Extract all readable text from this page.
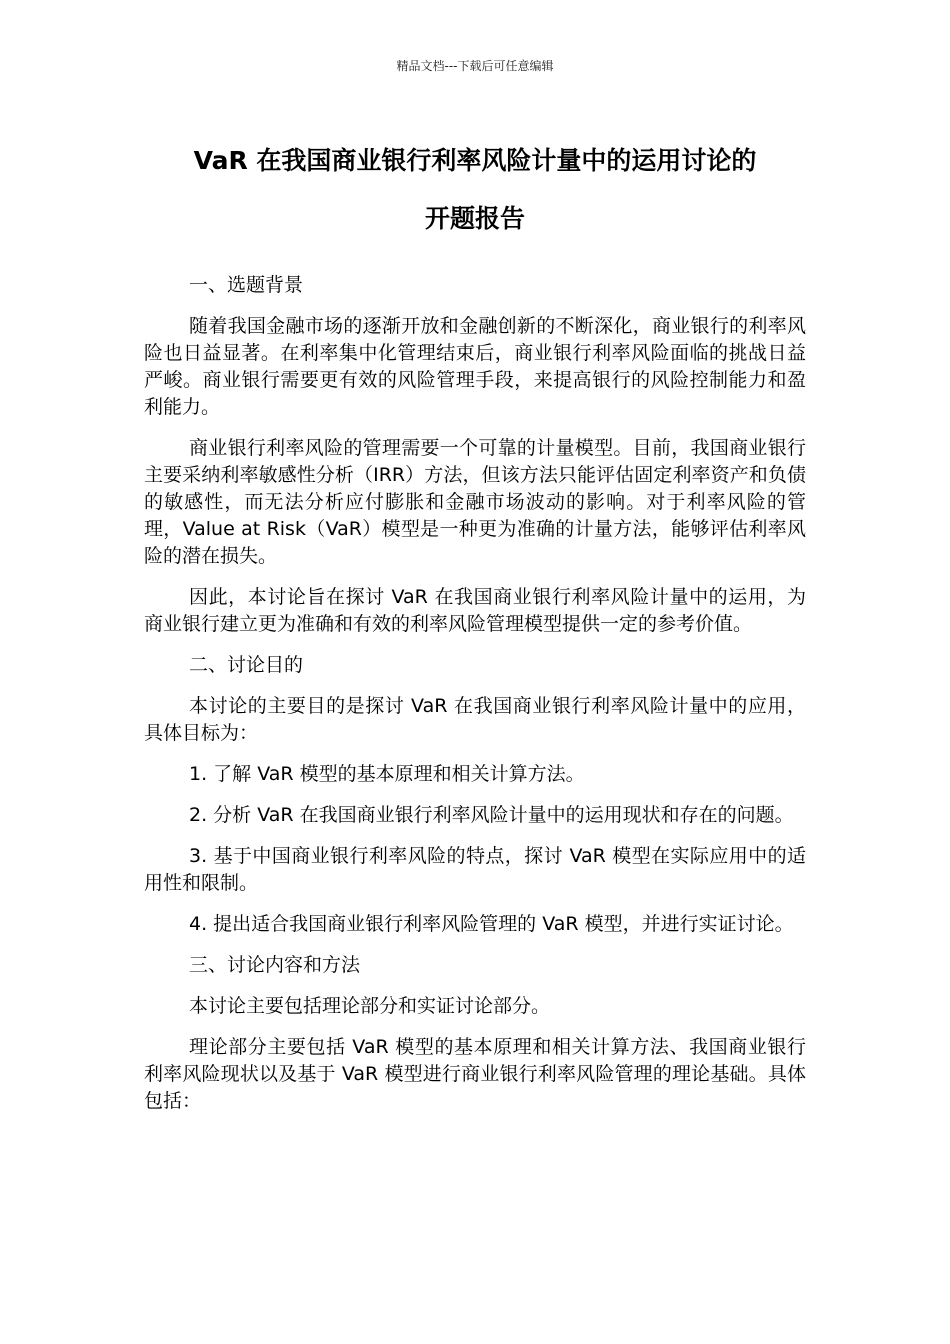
精品文档---下载后可任意编辑
VaR 在我国商业银行利率风险计量中的运用讨论的
开题报告

一、选题背景

随着我国金融市场的逐渐开放和金融创新的不断深化，商业银行的利率风险也日益显著。在利率集中化管理结束后，商业银行利率风险面临的挑战日益严峻。商业银行需要更有效的风险管理手段，来提高银行的风险控制能力和盈利能力。

商业银行利率风险的管理需要一个可靠的计量模型。目前，我国商业银行主要采纳利率敏感性分析（IRR）方法，但该方法只能评估固定利率资产和负债的敏感性，而无法分析应付膨胀和金融市场波动的影响。对于利率风险的管理，Value at Risk（VaR）模型是一种更为准确的计量方法，能够评估利率风险的潜在损失。

因此，本讨论旨在探讨 VaR 在我国商业银行利率风险计量中的运用，为商业银行建立更为准确和有效的利率风险管理模型提供一定的参考价值。

二、讨论目的

本讨论的主要目的是探讨 VaR 在我国商业银行利率风险计量中的应用，具体目标为：

1. 了解 VaR 模型的基本原理和相关计算方法。

2. 分析 VaR 在我国商业银行利率风险计量中的运用现状和存在的问题。

3. 基于中国商业银行利率风险的特点，探讨 VaR 模型在实际应用中的适用性和限制。

4. 提出适合我国商业银行利率风险管理的 VaR 模型，并进行实证讨论。

三、讨论内容和方法

本讨论主要包括理论部分和实证讨论部分。

理论部分主要包括 VaR 模型的基本原理和相关计算方法、我国商业银行利率风险现状以及基于 VaR 模型进行商业银行利率风险管理的理论基础。具体包括：
